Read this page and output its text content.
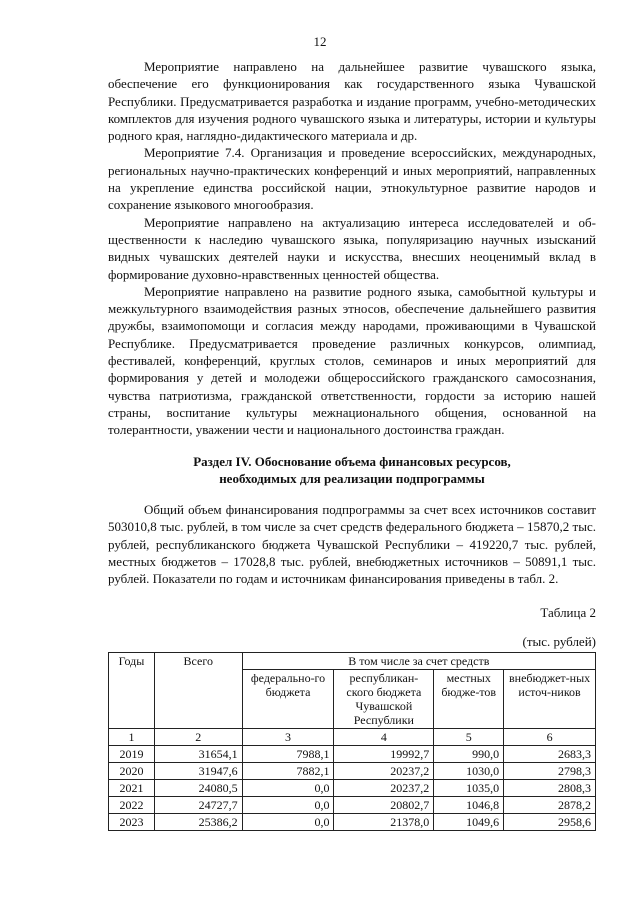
12

Мероприятие направлено на дальнейшее развитие чувашского языка, обеспечение его функционирования как государственного языка Чувашской Республики. Предусматривается разработка и издание программ, учебно-методических комплектов для изучения родного чувашского языка и литературы, истории и культуры родного края, наглядно-дидактического материала и др.

Мероприятие 7.4. Организация и проведение всероссийских, международных, региональных научно-практических конференций и иных мероприятий, направленных на укрепление единства российской нации, этнокультурное развитие народов и сохранение языкового многообразия.

Мероприятие направлено на актуализацию интереса исследователей и общественности к наследию чувашского языка, популяризацию научных изысканий видных чувашских деятелей науки и искусства, внесших неоценимый вклад в формирование духовно-нравственных ценностей общества.

Мероприятие направлено на развитие родного языка, самобытной культуры и межкультурного взаимодействия разных этносов, обеспечение дальнейшего развития дружбы, взаимопомощи и согласия между народами, проживающими в Чувашской Республике. Предусматривается проведение различных конкурсов, олимпиад, фестивалей, конференций, круглых столов, семинаров и иных мероприятий для формирования у детей и молодежи общероссийского гражданского самосознания, чувства патриотизма, гражданской ответственности, гордости за историю нашей страны, воспитание культуры межнационального общения, основанной на толерантности, уважении чести и национального достоинства граждан.

Раздел IV. Обоснование объема финансовых ресурсов,
необходимых для реализации подпрограммы

Общий объем финансирования подпрограммы за счет всех источников составит 503010,8 тыс. рублей, в том числе за счет средств федерального бюджета – 15870,2 тыс. рублей, республиканского бюджета Чувашской Республики – 419220,7 тыс. рублей, местных бюджетов – 17028,8 тыс. рублей, внебюджетных источников – 50891,1 тыс. рублей. Показатели по годам и источникам финансирования приведены в табл. 2.

Таблица 2
(тыс. рублей)
Годы	Всего	В том числе за счет средств			
		федерально-го бюджета	республикан-ского бюджета Чувашской Республики	местных бюдже-тов	внебюджет-ных источ-ников
1	2	3	4	5	6
2019	31654,1	7988,1	19992,7	990,0	2683,3
2020	31947,6	7882,1	20237,2	1030,0	2798,3
2021	24080,5	0,0	20237,2	1035,0	2808,3
2022	24727,7	0,0	20802,7	1046,8	2878,2
2023	25386,2	0,0	21378,0	1049,6	2958,6
